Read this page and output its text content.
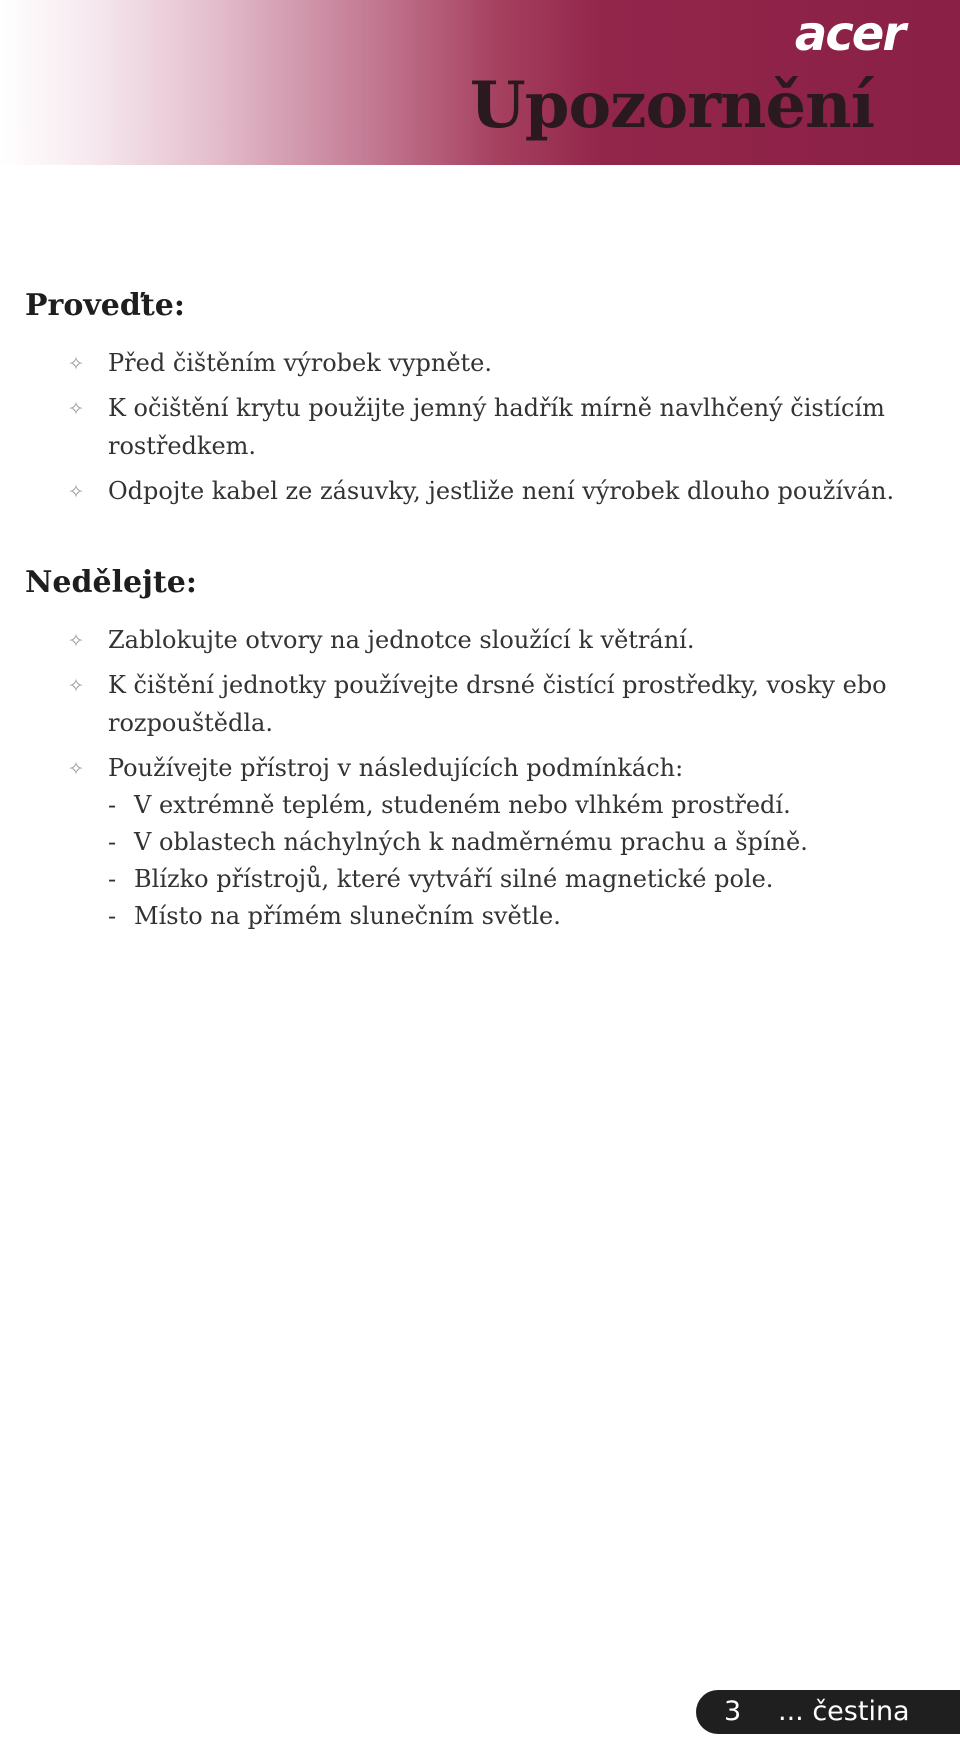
acer
Upozornění
Proveďte:
✧ Před čištěním výrobek vypněte.
✧ K očištění krytu použijte jemný hadřík mírně navlhčený čistícím rostředkem.
✧ Odpojte kabel ze zásuvky, jestliže není výrobek dlouho používán.
Nedělejte:
✧ Zablokujte otvory na jednotce sloužící k větrání.
✧ K čištění jednotky používejte drsné čistící prostředky, vosky ebo rozpouštědla.
✧ Používejte přístroj v následujících podmínkách:
- V extrémně teplém, studeném nebo vlhkém prostředí.
- V oblastech náchylných k nadměrnému prachu a špíně.
- Blízko přístrojů, které vytváří silné magnetické pole.
- Místo na přímém slunečním světle.
3 ... čestina
